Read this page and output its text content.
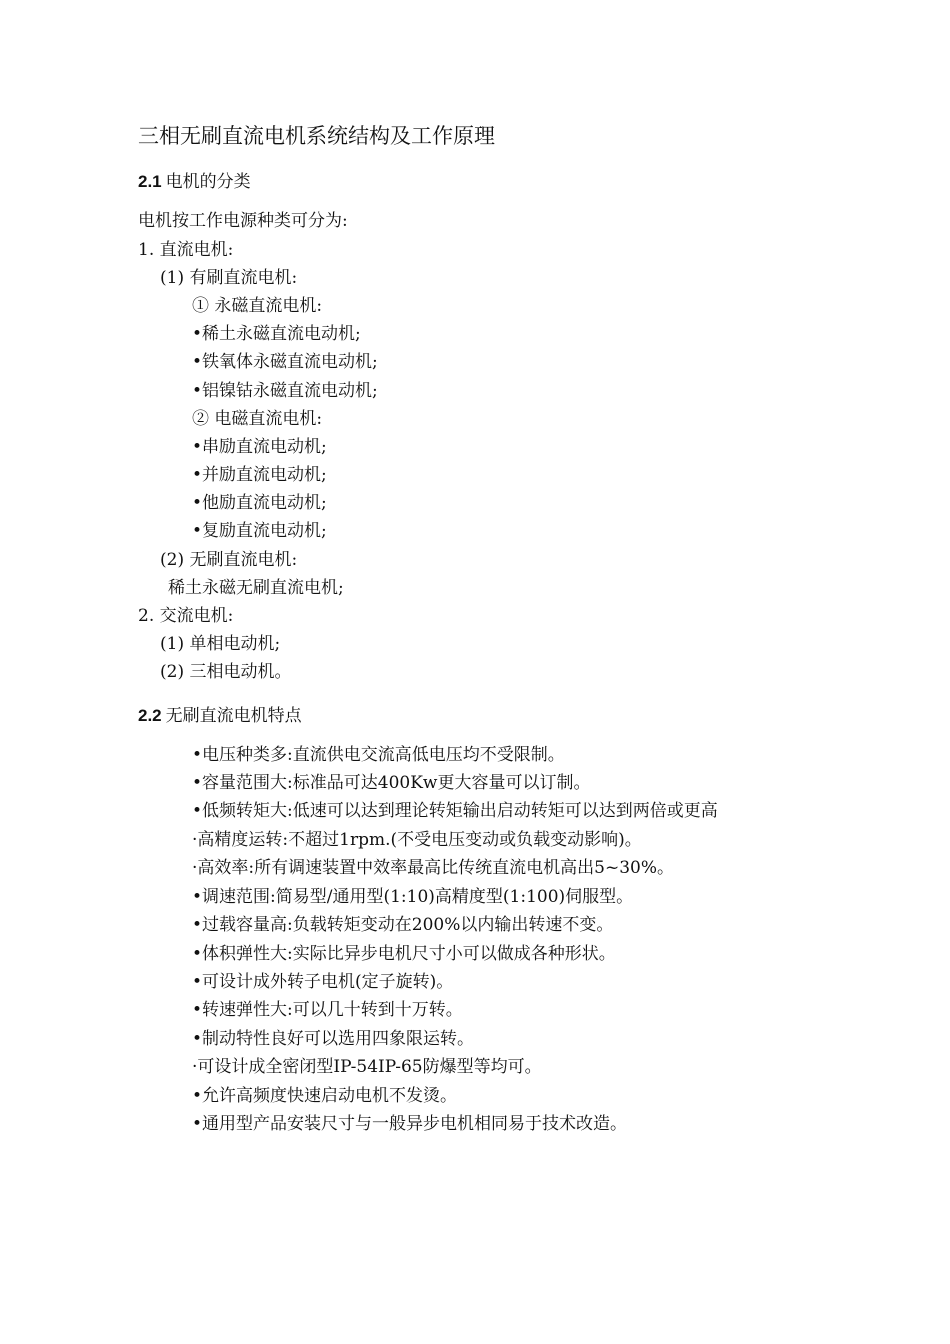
三相无刷直流电机系统结构及工作原理
2.1 电机的分类
电机按工作电源种类可分为:
1. 直流电机:
(1) 有刷直流电机:
① 永磁直流电机:
•稀土永磁直流电动机;
•铁氧体永磁直流电动机;
•铝镍钴永磁直流电动机;
② 电磁直流电机:
•串励直流电动机;
•并励直流电动机;
•他励直流电动机;
•复励直流电动机;
(2) 无刷直流电机:
稀土永磁无刷直流电机;
2. 交流电机:
(1) 单相电动机;
(2) 三相电动机。
2.2 无刷直流电机特点
•电压种类多:直流供电交流高低电压均不受限制。
•容量范围大:标准品可达400Kw更大容量可以订制。
•低频转矩大:低速可以达到理论转矩输出启动转矩可以达到两倍或更高
·高精度运转:不超过1rpm.(不受电压变动或负载变动影响)。
·高效率:所有调速装置中效率最高比传统直流电机高出5~30%。
•调速范围:简易型/通用型(1:10)高精度型(1:100)伺服型。
•过载容量高:负载转矩变动在200%以内输出转速不变。
•体积弹性大:实际比异步电机尺寸小可以做成各种形状。
•可设计成外转子电机(定子旋转)。
•转速弹性大:可以几十转到十万转。
•制动特性良好可以选用四象限运转。
·可设计成全密闭型IP-54IP-65防爆型等均可。
•允许高频度快速启动电机不发烫。
•通用型产品安装尺寸与一般异步电机相同易于技术改造。
